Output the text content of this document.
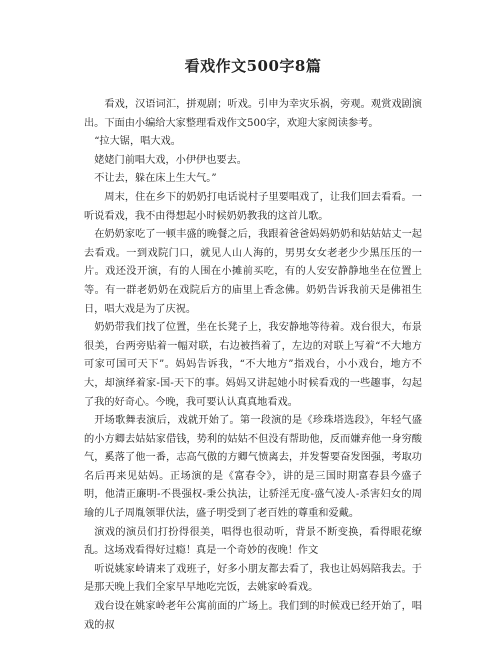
看戏作文500字8篇

看戏，汉语词汇，拼观剧；听戏。引申为幸灾乐祸，旁观。观赏戏剧演出。下面由小编给大家整理看戏作文500字，欢迎大家阅读参考。

“拉大锯，唱大戏。

姥姥门前唱大戏，小伊伊也要去。

不让去，躲在床上生大气。”

周末，住在乡下的奶奶打电话说村子里要唱戏了，让我们回去看看。一听说看戏，我不由得想起小时候奶奶教我的这首儿歌。

在奶奶家吃了一顿丰盛的晚餐之后，我跟着爸爸妈妈奶奶和姑姑姑丈一起去看戏。一到戏院门口，就见人山人海的，男男女女老老少少黑压压的一片。戏还没开演，有的人围在小摊前买吃，有的人安安静静地坐在位置上等。有一群老奶奶在戏院后方的庙里上香念佛。奶奶告诉我前天是佛祖生日，唱大戏是为了庆祝。

奶奶带我们找了位置，坐在长凳子上，我安静地等待着。戏台很大，布景很美，台两旁贴着一幅对联，右边被挡着了，左边的对联上写着“不大地方可家可国可天下”。妈妈告诉我，“不大地方”指戏台，小小戏台，地方不大，却演绎着家-国-天下的事。妈妈又讲起她小时候看戏的一些趣事，勾起了我的好奇心。今晚，我可要认认真真地看戏。

开场歌舞表演后，戏就开始了。第一段演的是《珍珠塔选段》，年轻气盛的小方卿去姑姑家借钱，势利的姑姑不但没有帮助他，反而嫌弃他一身穷酸气，奚落了他一番，志高气傲的方卿气愤离去，并发誓要奋发图强，考取功名后再来见姑妈。正场演的是《富春令》，讲的是三国时期富春县今盛子明，他清正廉明-不畏强权-秉公执法，让骄淫无度-盛气凌人-杀害妇女的周瑜的儿子周胤领罪伏法，盛子明受到了老百姓的尊重和爱戴。

演戏的演员们打扮得很美，唱得也很动听，背景不断变换，看得眼花缭乱。这场戏看得好过瘾！真是一个奇妙的夜晚！作文

听说姚家岭请来了戏班子，好多小朋友都去看了，我也让妈妈陪我去。于是那天晚上我们全家早早地吃完饭，去姚家岭看戏。

戏台设在姚家岭老年公寓前面的广场上。我们到的时候戏已经开始了，唱戏的叔
